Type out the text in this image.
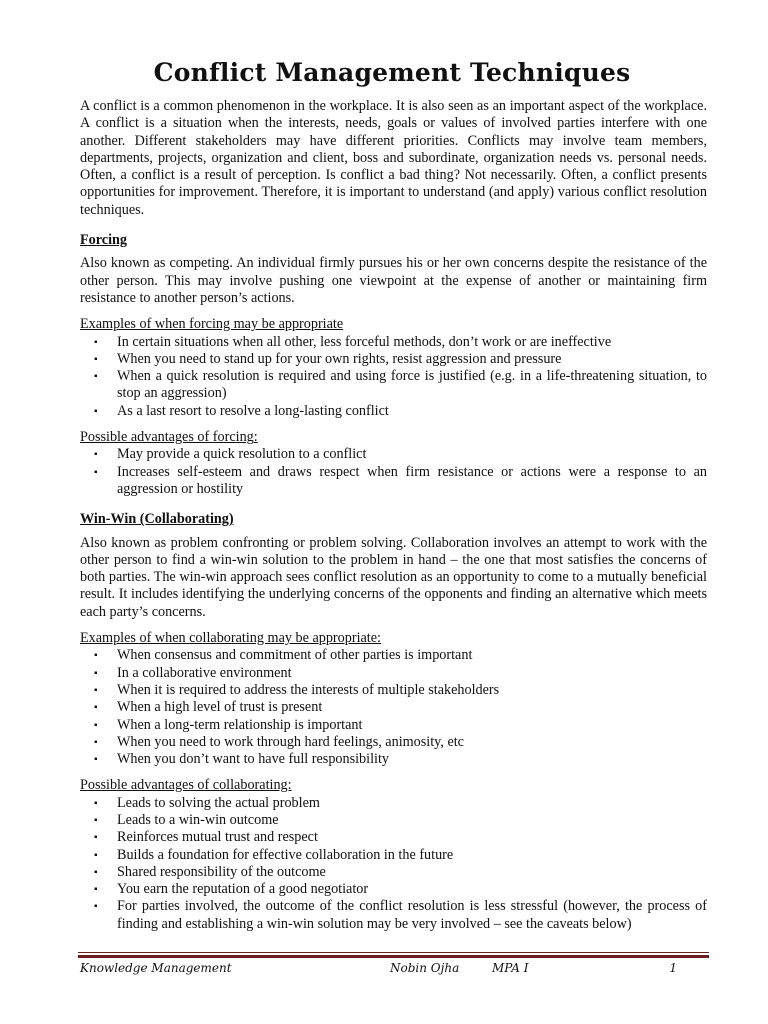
Conflict Management Techniques

A conflict is a common phenomenon in the workplace. It is also seen as an important aspect of the workplace. A conflict is a situation when the interests, needs, goals or values of involved parties interfere with one another. Different stakeholders may have different priorities. Conflicts may involve team members, departments, projects, organization and client, boss and subordinate, organization needs vs. personal needs. Often, a conflict is a result of perception. Is conflict a bad thing? Not necessarily. Often, a conflict presents opportunities for improvement. Therefore, it is important to understand (and apply) various conflict resolution techniques.

Forcing

Also known as competing. An individual firmly pursues his or her own concerns despite the resistance of the other person. This may involve pushing one viewpoint at the expense of another or maintaining firm resistance to another person’s actions.

Examples of when forcing may be appropriate
▪ In certain situations when all other, less forceful methods, don’t work or are ineffective
▪ When you need to stand up for your own rights, resist aggression and pressure
▪ When a quick resolution is required and using force is justified (e.g. in a life-threatening situation, to stop an aggression)
▪ As a last resort to resolve a long-lasting conflict
Possible advantages of forcing:
▪ May provide a quick resolution to a conflict
▪ Increases self-esteem and draws respect when firm resistance or actions were a response to an aggression or hostility
Win-Win (Collaborating)

Also known as problem confronting or problem solving. Collaboration involves an attempt to work with the other person to find a win-win solution to the problem in hand – the one that most satisfies the concerns of both parties. The win-win approach sees conflict resolution as an opportunity to come to a mutually beneficial result. It includes identifying the underlying concerns of the opponents and finding an alternative which meets each party’s concerns.

Examples of when collaborating may be appropriate:
▪ When consensus and commitment of other parties is important
▪ In a collaborative environment
▪ When it is required to address the interests of multiple stakeholders
▪ When a high level of trust is present
▪ When a long-term relationship is important
▪ When you need to work through hard feelings, animosity, etc
▪ When you don’t want to have full responsibility
Possible advantages of collaborating:
▪ Leads to solving the actual problem
▪ Leads to a win-win outcome
▪ Reinforces mutual trust and respect
▪ Builds a foundation for effective collaboration in the future
▪ Shared responsibility of the outcome
▪ You earn the reputation of a good negotiator
▪ For parties involved, the outcome of the conflict resolution is less stressful (however, the process of finding and establishing a win-win solution may be very involved – see the caveats below)
Knowledge Management	Nobin Ojha	MPA I	1
